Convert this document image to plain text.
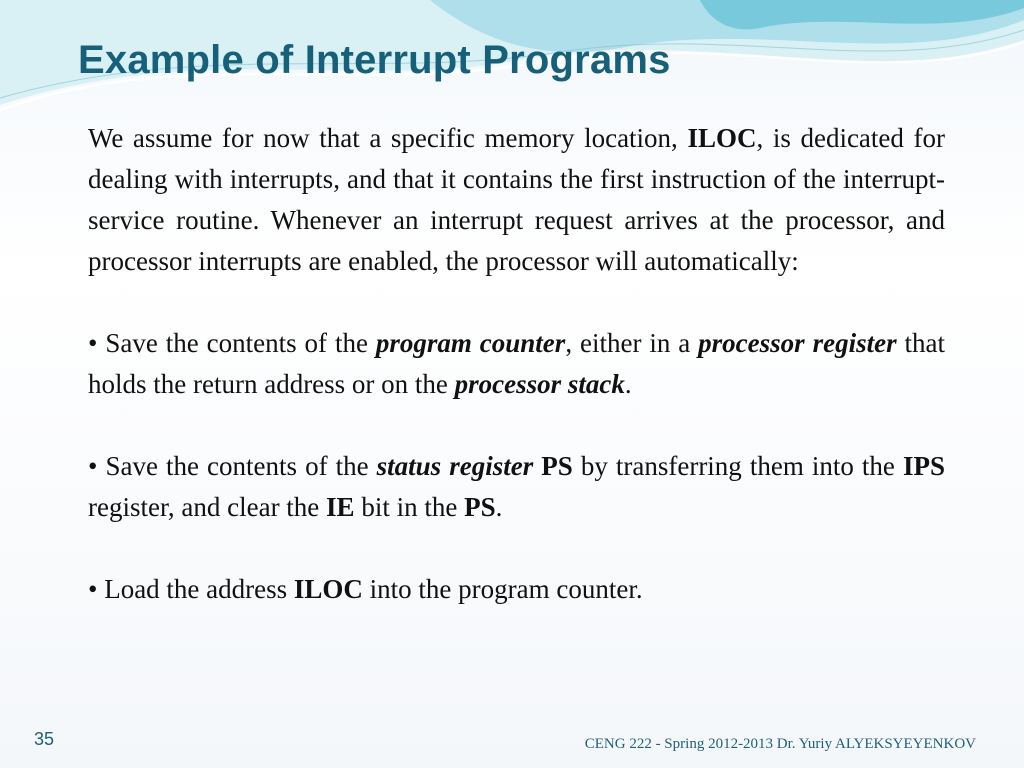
Example of Interrupt Programs

We assume for now that a specific memory location, ILOC, is dedicated for dealing with interrupts, and that it contains the first instruction of the interrupt-service routine. Whenever an interrupt request arrives at the processor, and processor interrupts are enabled, the processor will automatically:

• Save the contents of the program counter, either in a processor register that holds the return address or on the processor stack.

• Save the contents of the status register PS by transferring them into the IPS register, and clear the IE bit in the PS.

• Load the address ILOC into the program counter.

35	CENG 222 - Spring 2012-2013 Dr. Yuriy ALYEKSYEYENKOV
